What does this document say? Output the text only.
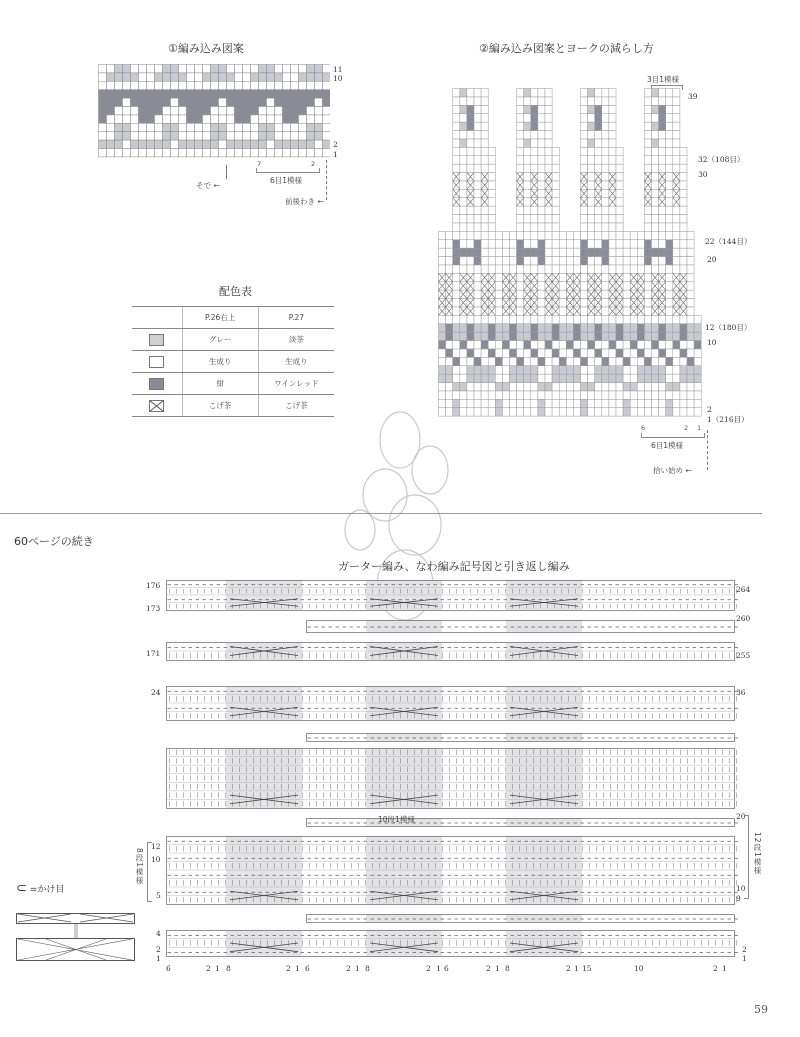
①編み込み図案
11
10
2
1
7	2
6目1模様
そで ←
前後わき ←
配色表
	P.26右上	P.27
	グレー	淡茶
	生成り	生成り
	紺	ワインレッド
	こげ茶	こげ茶
②編み込み図案とヨークの減らし方
3目1模様
39
32（108目）
30
22（144目）
20
12（180目）
10
2
1（216目）
6	2 1
6目1模様
拾い始め ←
60ページの続き
ガーター編み、なわ編み記号図と引き返し編み
176
173
171
24
12
10
5
4
2
1
264
260
255
36
20
10
9
2
1
8段1模様	12段1模様
10段1模様
⊂ =かけ目
6	2 1 8	2 1 6	2 1 8	2 1 6	2 1 8	2 1 15	10	2 1
59
